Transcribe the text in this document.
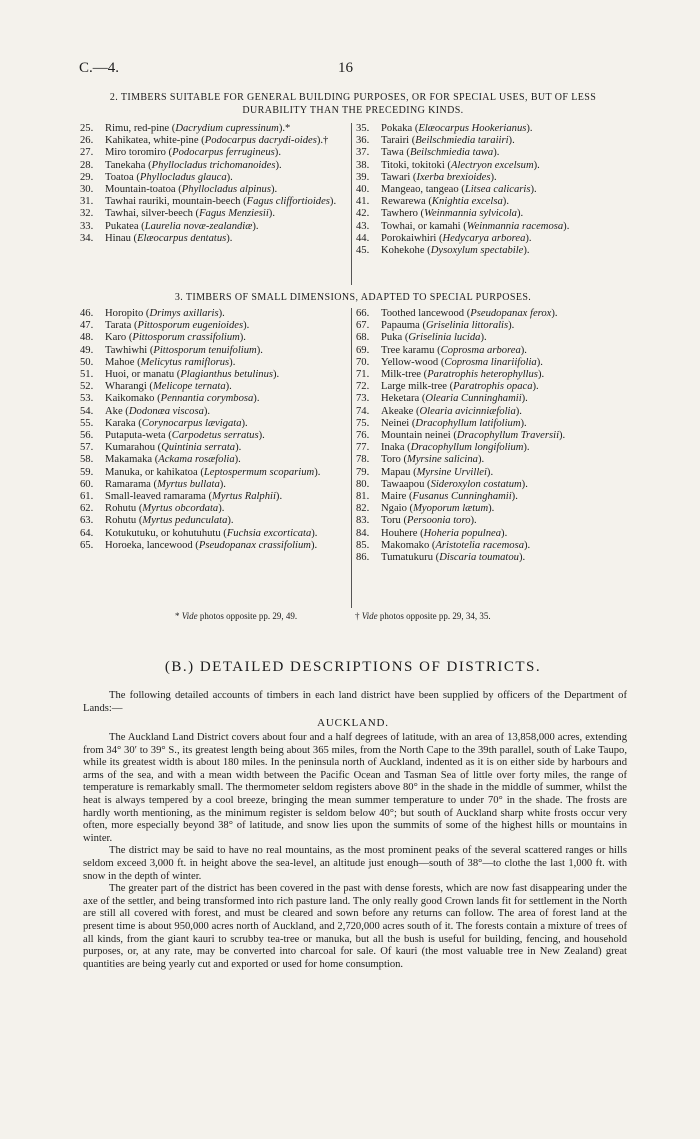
C.—4.	16
2. TIMBERS SUITABLE FOR GENERAL BUILDING PURPOSES, OR FOR SPECIAL USES, BUT OF LESS
DURABILITY THAN THE PRECEDING KINDS.
25. Rimu, red-pine (Dacrydium cupressinum).*
26. Kahikatea, white-pine (Podocarpus dacrydi-oides).†
27. Miro toromiro (Podocarpus ferrugineus).
28. Tanekaha (Phyllocladus trichomanoides).
29. Toatoa (Phyllocladus glauca).
30. Mountain-toatoa (Phyllocladus alpinus).
31. Tawhai rauriki, mountain-beech (Fagus cliffortioides).
32. Tawhai, silver-beech (Fagus Menziesii).
33. Pukatea (Laurelia novæ-zealandiæ).
34. Hinau (Elæocarpus dentatus).
35. Pokaka (Elæocarpus Hookerianus).
36. Tarairi (Beilschmiedia taraiiri).
37. Tawa (Beilschmiedia tawa).
38. Titoki, tokitoki (Alectryon excelsum).
39. Tawari (Ixerba brexioides).
40. Mangeao, tangeao (Litsea calicaris).
41. Rewarewa (Knightia excelsa).
42. Tawhero (Weinmannia sylvicola).
43. Towhai, or kamahi (Weinmannia racemosa).
44. Porokaiwhiri (Hedycarya arborea).
45. Kohekohe (Dysoxylum spectabile).
3. TIMBERS OF SMALL DIMENSIONS, ADAPTED TO SPECIAL PURPOSES.
46. Horopito (Drimys axillaris).
47. Tarata (Pittosporum eugenioides).
48. Karo (Pittosporum crassifolium).
49. Tawhiwhi (Pittosporum tenuifolium).
50. Mahoe (Melicytus ramiflorus).
51. Huoi, or manatu (Plagianthus betulinus).
52. Wharangi (Melicope ternata).
53. Kaikomako (Pennantia corymbosa).
54. Ake (Dodonæa viscosa).
55. Karaka (Corynocarpus lævigata).
56. Putaputa-weta (Carpodetus serratus).
57. Kumarahou (Quintinia serrata).
58. Makamaka (Ackama rosæfolia).
59. Manuka, or kahikatoa (Leptospermum scoparium).
60. Ramarama (Myrtus bullata).
61. Small-leaved ramarama (Myrtus Ralphii).
62. Rohutu (Myrtus obcordata).
63. Rohutu (Myrtus pedunculata).
64. Kotukutuku, or kohutuhutu (Fuchsia excorticata).
65. Horoeka, lancewood (Pseudopanax crassifolium).
66. Toothed lancewood (Pseudopanax ferox).
67. Papauma (Griselinia littoralis).
68. Puka (Griselinia lucida).
69. Tree karamu (Coprosma arborea).
70. Yellow-wood (Coprosma linariifolia).
71. Milk-tree (Paratrophis heterophyllus).
72. Large milk-tree (Paratrophis opaca).
73. Heketara (Olearia Cunninghamii).
74. Akeake (Olearia avicinniæfolia).
75. Neinei (Dracophyllum latifolium).
76. Mountain neinei (Dracophyllum Traversii).
77. Inaka (Dracophyllum longifolium).
78. Toro (Myrsine salicina).
79. Mapau (Myrsine Urvillei).
80. Tawaapou (Sideroxylon costatum).
81. Maire (Fusanus Cunninghamii).
82. Ngaio (Myoporum lætum).
83. Toru (Persoonia toro).
84. Houhere (Hoheria populnea).
85. Makomako (Aristotelia racemosa).
86. Tumatukuru (Discaria toumatou).
* Vide photos opposite pp. 29, 49.	† Vide photos opposite pp. 29, 34, 35.
(B.) DETAILED DESCRIPTIONS OF DISTRICTS.
The following detailed accounts of timbers in each land district have been supplied by officers of the Department of Lands:—
AUCKLAND.
The Auckland Land District covers about four and a half degrees of latitude, with an area of 13,858,000 acres, extending from 34° 30′ to 39° S., its greatest length being about 365 miles, from the North Cape to the 39th parallel, south of Lake Taupo, while its greatest width is about 180 miles. In the peninsula north of Auckland, indented as it is on either side by harbours and arms of the sea, and with a mean width between the Pacific Ocean and Tasman Sea of little over forty miles, the range of temperature is remarkably small. The thermometer seldom registers above 80° in the shade in the middle of summer, whilst the heat is always tempered by a cool breeze, bringing the mean summer temperature to under 70° in the shade. The frosts are hardly worth mentioning, as the minimum register is seldom below 40°; but south of Auckland sharp white frosts occur very often, more especially beyond 38° of latitude, and snow lies upon the summits of some of the highest hills or mountains in winter.
The district may be said to have no real mountains, as the most prominent peaks of the several scattered ranges or hills seldom exceed 3,000 ft. in height above the sea-level, an altitude just enough—south of 38°—to clothe the last 1,000 ft. with snow in the depth of winter.
The greater part of the district has been covered in the past with dense forests, which are now fast disappearing under the axe of the settler, and being transformed into rich pasture land. The only really good Crown lands fit for settlement in the North are still all covered with forest, and must be cleared and sown before any returns can follow. The area of forest land at the present time is about 950,000 acres north of Auckland, and 2,720,000 acres south of it. The forests contain a mixture of trees of all kinds, from the giant kauri to scrubby tea-tree or manuka, but all the bush is useful for building, fencing, and household purposes, or, at any rate, may be converted into charcoal for sale. Of kauri (the most valuable tree in New Zealand) great quantities are being yearly cut and exported or used for home consumption.
